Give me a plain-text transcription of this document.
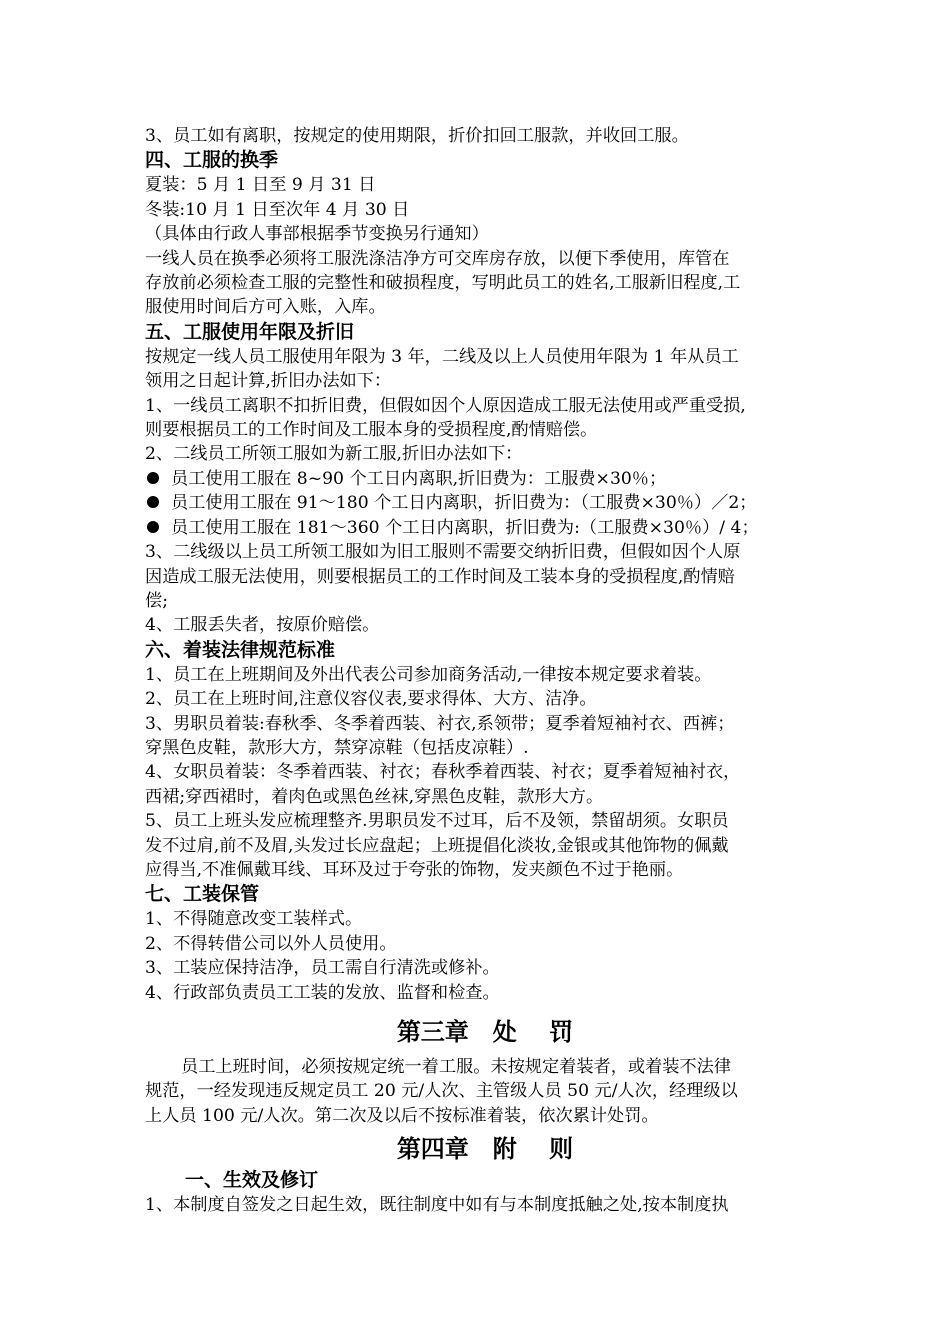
3、员工如有离职，按规定的使用期限，折价扣回工服款，并收回工服。

四、工服的换季

夏装：5 月 1 日至 9 月 31 日

冬装:10 月 1 日至次年 4 月 30 日

（具体由行政人事部根据季节变换另行通知）

一线人员在换季必须将工服洗涤洁净方可交库房存放，以便下季使用，库管在

存放前必须检查工服的完整性和破损程度，写明此员工的姓名,工服新旧程度,工

服使用时间后方可入账，入库。

五、工服使用年限及折旧

按规定一线人员工服使用年限为 3 年，二线及以上人员使用年限为 1 年从员工

领用之日起计算,折旧办法如下：

1、一线员工离职不扣折旧费，但假如因个人原因造成工服无法使用或严重受损,

则要根据员工的工作时间及工服本身的受损程度,酌情赔偿。

2、二线员工所领工服如为新工服,折旧办法如下：

员工使用工服在 8~90 个工日内离职,折旧费为：工服费×30％；
员工使用工服在 91～180 个工日内离职，折旧费为：（工服费×30％）／2；
员工使用工服在 181～360 个工日内离职，折旧费为:（工服费×30％）/ 4；

3、二线级以上员工所领工服如为旧工服则不需要交纳折旧费，但假如因个人原

因造成工服无法使用，则要根据员工的工作时间及工装本身的受损程度,酌情赔

偿;

4、工服丢失者，按原价赔偿。

六、着装法律规范标准

1、员工在上班期间及外出代表公司参加商务活动,一律按本规定要求着装。

2、员工在上班时间,注意仪容仪表,要求得体、大方、洁净。

3、男职员着装:春秋季、冬季着西装、衬衣,系领带；夏季着短袖衬衣、西裤；

穿黑色皮鞋，款形大方，禁穿凉鞋（包括皮凉鞋）.

4、女职员着装：冬季着西装、衬衣；春秋季着西装、衬衣；夏季着短袖衬衣，

西裙;穿西裙时，着肉色或黑色丝袜,穿黑色皮鞋，款形大方。

5、员工上班头发应梳理整齐.男职员发不过耳，后不及领，禁留胡须。女职员

发不过肩,前不及眉,头发过长应盘起；上班提倡化淡妆,金银或其他饰物的佩戴

应得当,不准佩戴耳线、耳环及过于夸张的饰物，发夹颜色不过于艳丽。

七、工装保管

1、不得随意改变工装样式。

2、不得转借公司以外人员使用。

3、工装应保持洁净，员工需自行清洗或修补。

4、行政部负责员工工装的发放、监督和检查。

第三章　处　 罚

员工上班时间，必须按规定统一着工服。未按规定着装者，或着装不法律

规范，一经发现违反规定员工 20 元/人次、主管级人员 50 元/人次，经理级以

上人员 100 元/人次。第二次及以后不按标准着装，依次累计处罚。

第四章　附　 则

一、生效及修订

1、本制度自签发之日起生效，既往制度中如有与本制度抵触之处,按本制度执
